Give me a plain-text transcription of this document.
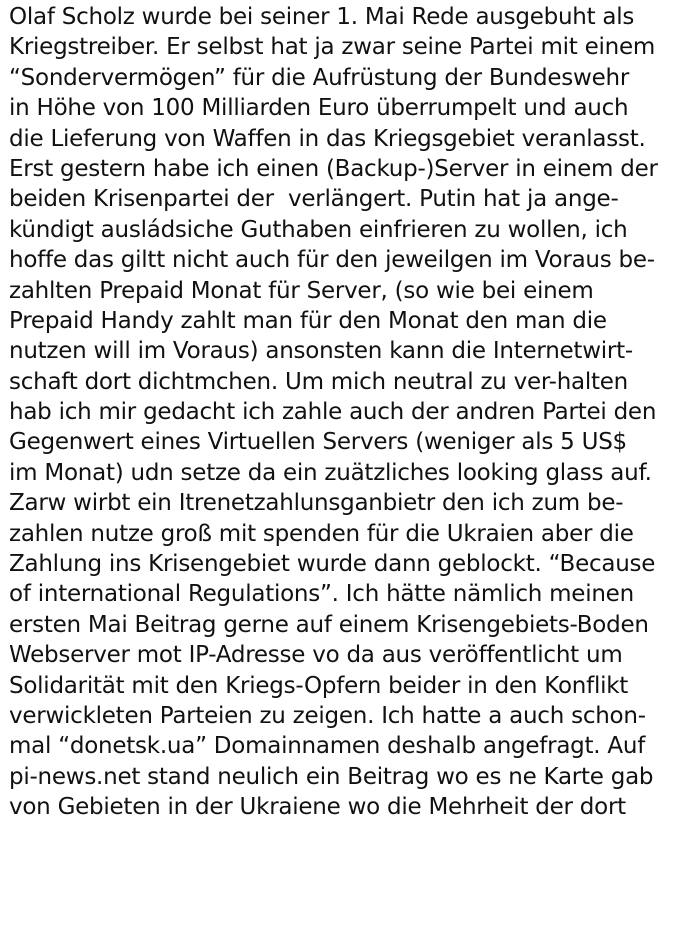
Olaf Scholz wurde bei seiner 1. Mai Rede ausgebuht als
Kriegstreiber. Er selbst hat ja zwar seine Partei mit einem
“Sondervermögen” für die Aufrüstung der Bundeswehr
in Höhe von 100 Milliarden Euro überrumpelt und auch
die Lieferung von Waffen in das Kriegsgebiet veranlasst.
Erst gestern habe ich einen (Backup-)Server in einem der
beiden Krisenpartei der  verlängert. Putin hat ja ange-
kündigt ausládsiche Guthaben einfrieren zu wollen, ich
hoffe das giltt nicht auch für den jeweilgen im Voraus be-
zahlten Prepaid Monat für Server, (so wie bei einem
Prepaid Handy zahlt man für den Monat den man die
nutzen will im Voraus) ansonsten kann die Internetwirt-
schaft dort dichtmchen. Um mich neutral zu ver-halten
hab ich mir gedacht ich zahle auch der andren Partei den
Gegenwert eines Virtuellen Servers (weniger als 5 US$
im Monat) udn setze da ein zuätzliches looking glass auf.
Zarw wirbt ein Itrenetzahlunsganbietr den ich zum be-
zahlen nutze groß mit spenden für die Ukraien aber die
Zahlung ins Krisengebiet wurde dann geblockt. “Because
of international Regulations”. Ich hätte nämlich meinen
ersten Mai Beitrag gerne auf einem Krisengebiets-Boden
Webserver mot IP-Adresse vo da aus veröffentlicht um
Solidarität mit den Kriegs-Opfern beider in den Konflikt
verwickleten Parteien zu zeigen. Ich hatte a auch schon-
mal “donetsk.ua” Domainnamen deshalb angefragt. Auf
pi-news.net stand neulich ein Beitrag wo es ne Karte gab
von Gebieten in der Ukraiene wo die Mehrheit der dort
